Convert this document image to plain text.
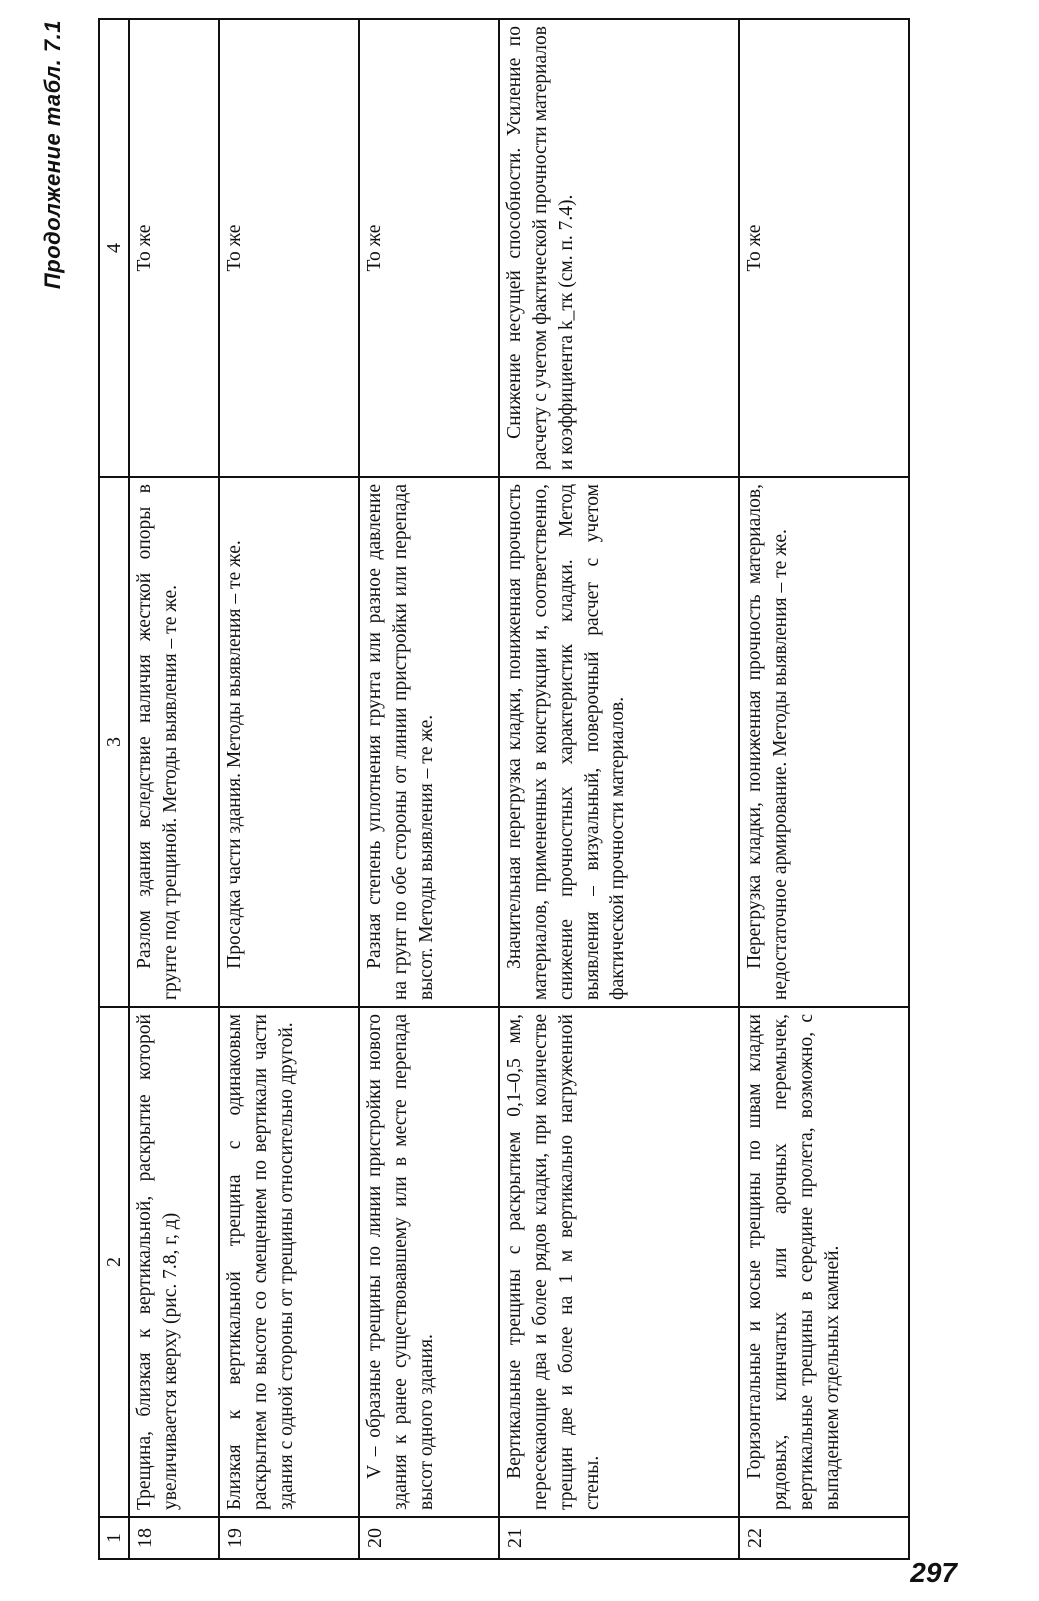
Продолжение табл. 7.1
1	2	3	4
18	Трещина, близкая к вертикальной, раскрытие которой увеличивается кверху (рис. 7.8, г, д)	Разлом здания вследствие наличия жесткой опоры в грунте под трещиной. Методы выявления – те же.	То же
19	Близкая к вертикальной трещина с одинаковым раскрытием по высоте со смещением по вертикали части здания с одной стороны от трещины относительно другой.	Просадка части здания. Методы выявления – те же.	То же
20	V – образные трещины по линии пристройки нового здания к ранее существовавшему или в месте перепада высот одного здания.	Разная степень уплотнения грунта или разное давление на грунт по обе стороны от линии пристройки или перепада высот. Методы выявления – те же.	То же
21	Вертикальные трещины с раскрытием 0,1–0,5 мм, пересекающие два и более рядов кладки, при количестве трещин две и более на 1 м вертикально нагруженной стены.	Значительная перегрузка кладки, пониженная прочность материалов, примененных в конструкции и, соответственно, снижение прочностных характеристик кладки. Метод выявления – визуальный, поверочный расчет с учетом фактической прочности материалов.	Снижение несущей способности. Усиление по расчету с учетом фактической прочности материалов и коэффициента k_тк (см. п. 7.4).
22	Горизонтальные и косые трещины по швам кладки рядовых, клинчатых или арочных перемычек, вертикальные трещины в середине пролета, возможно, с выпадением отдельных камней.	Перегрузка кладки, пониженная прочность материалов, недостаточное армирование. Методы выявления – те же.	То же
297
